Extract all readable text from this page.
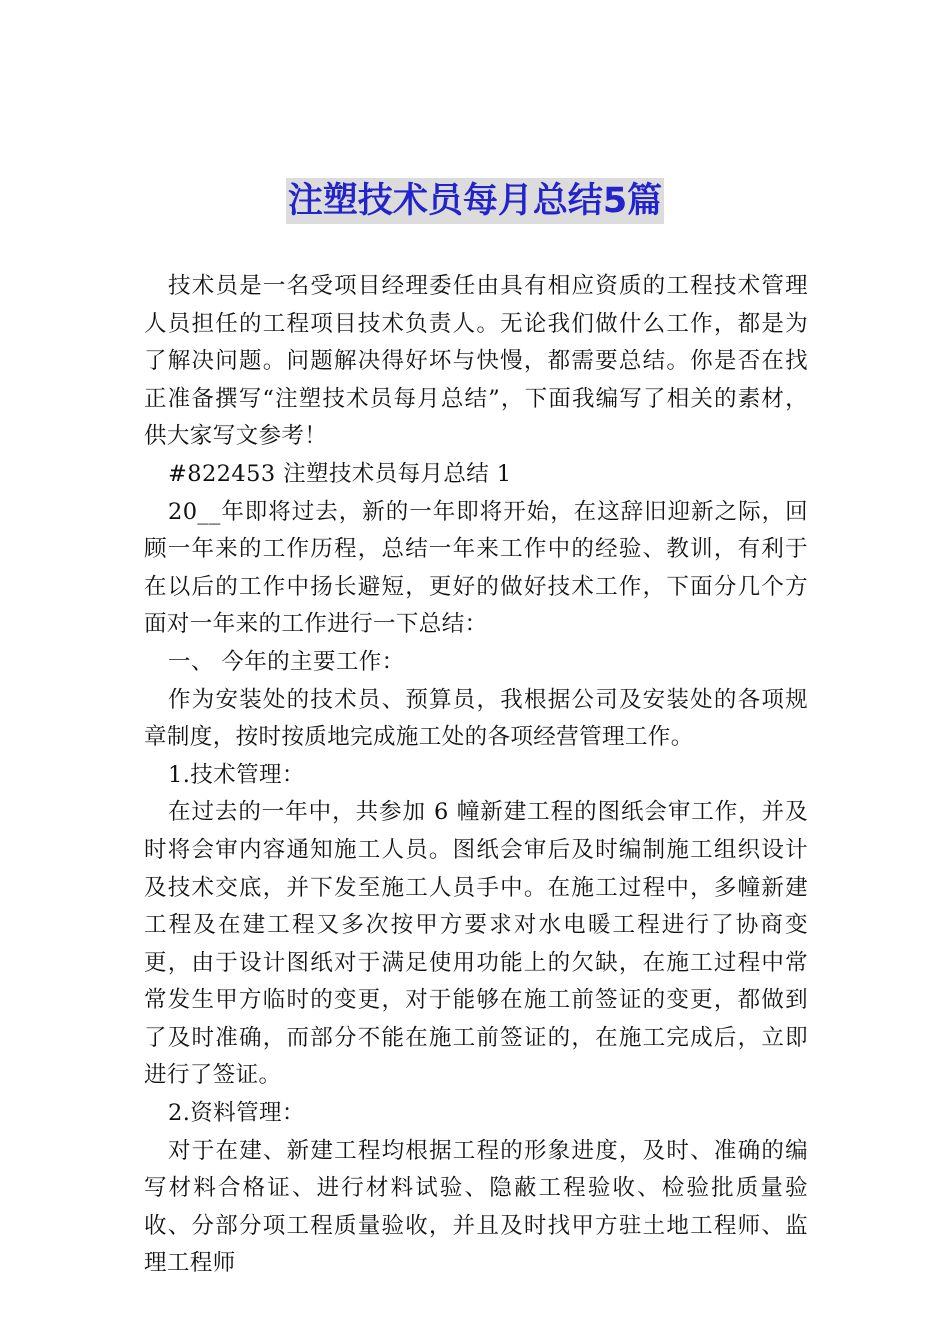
注塑技术员每月总结5篇

技术员是一名受项目经理委任由具有相应资质的工程技术管理人员担任的工程项目技术负责人。无论我们做什么工作，都是为了解决问题。问题解决得好坏与快慢，都需要总结。你是否在找正准备撰写“注塑技术员每月总结”，下面我编写了相关的素材，供大家写文参考！

#822453 注塑技术员每月总结 1

20__年即将过去，新的一年即将开始，在这辞旧迎新之际，回顾一年来的工作历程，总结一年来工作中的经验、教训，有利于在以后的工作中扬长避短，更好的做好技术工作，下面分几个方面对一年来的工作进行一下总结：

一、 今年的主要工作：

作为安装处的技术员、预算员，我根据公司及安装处的各项规章制度，按时按质地完成施工处的各项经营管理工作。

1.技术管理：

在过去的一年中，共参加 6 幢新建工程的图纸会审工作，并及时将会审内容通知施工人员。图纸会审后及时编制施工组织设计及技术交底，并下发至施工人员手中。在施工过程中，多幢新建工程及在建工程又多次按甲方要求对水电暖工程进行了协商变更，由于设计图纸对于满足使用功能上的欠缺，在施工过程中常常发生甲方临时的变更，对于能够在施工前签证的变更，都做到了及时准确，而部分不能在施工前签证的，在施工完成后，立即进行了签证。

2.资料管理：

对于在建、新建工程均根据工程的形象进度，及时、准确的编写材料合格证、进行材料试验、隐蔽工程验收、检验批质量验收、分部分项工程质量验收，并且及时找甲方驻土地工程师、监理工程师
